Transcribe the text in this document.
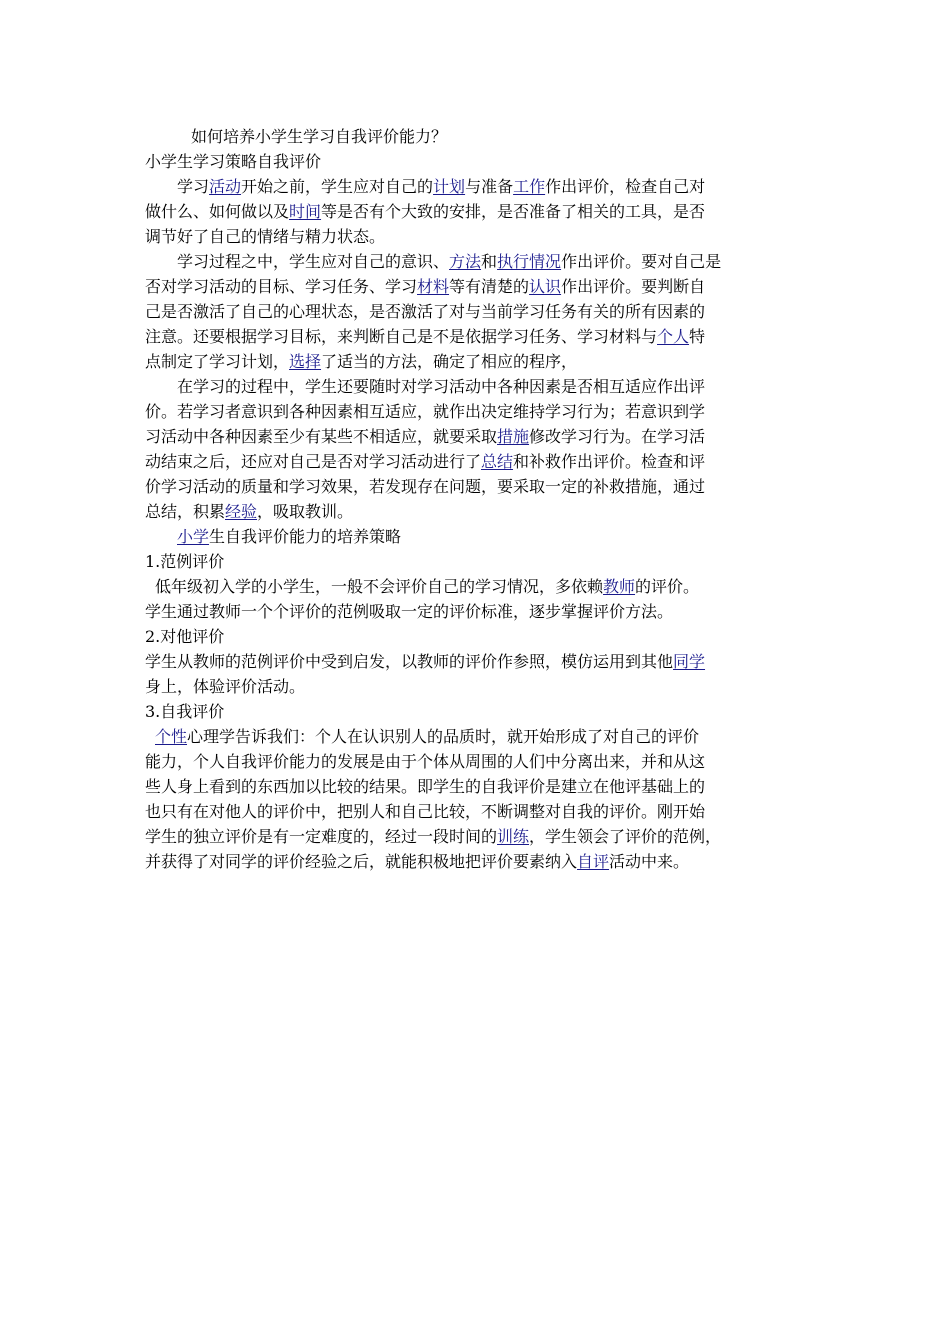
如何培养小学生学习自我评价能力？
小学生学习策略自我评价
学习活动开始之前，学生应对自己的计划与准备工作作出评价，检查自己对
做什么、如何做以及时间等是否有个大致的安排，是否准备了相关的工具，是否
调节好了自己的情绪与精力状态。
学习过程之中，学生应对自己的意识、方法和执行情况作出评价。要对自己是
否对学习活动的目标、学习任务、学习材料等有清楚的认识作出评价。要判断自
己是否激活了自己的心理状态，是否激活了对与当前学习任务有关的所有因素的
注意。还要根据学习目标，来判断自己是不是依据学习任务、学习材料与个人特
点制定了学习计划，选择了适当的方法，确定了相应的程序，
在学习的过程中，学生还要随时对学习活动中各种因素是否相互适应作出评
价。若学习者意识到各种因素相互适应，就作出决定维持学习行为；若意识到学
习活动中各种因素至少有某些不相适应，就要采取措施修改学习行为。在学习活
动结束之后，还应对自己是否对学习活动进行了总结和补救作出评价。检查和评
价学习活动的质量和学习效果，若发现存在问题，要采取一定的补救措施，通过
总结，积累经验，吸取教训。
小学生自我评价能力的培养策略
1.范例评价
低年级初入学的小学生，一般不会评价自己的学习情况，多依赖教师的评价。
学生通过教师一个个评价的范例吸取一定的评价标准，逐步掌握评价方法。
2.对他评价
学生从教师的范例评价中受到启发，以教师的评价作参照，模仿运用到其他同学
身上，体验评价活动。
3.自我评价
个性心理学告诉我们：个人在认识别人的品质时，就开始形成了对自己的评价
能力，个人自我评价能力的发展是由于个体从周围的人们中分离出来，并和从这
些人身上看到的东西加以比较的结果。即学生的自我评价是建立在他评基础上的
也只有在对他人的评价中，把别人和自己比较，不断调整对自我的评价。刚开始
学生的独立评价是有一定难度的，经过一段时间的训练，学生领会了评价的范例，
并获得了对同学的评价经验之后，就能积极地把评价要素纳入自评活动中来。
